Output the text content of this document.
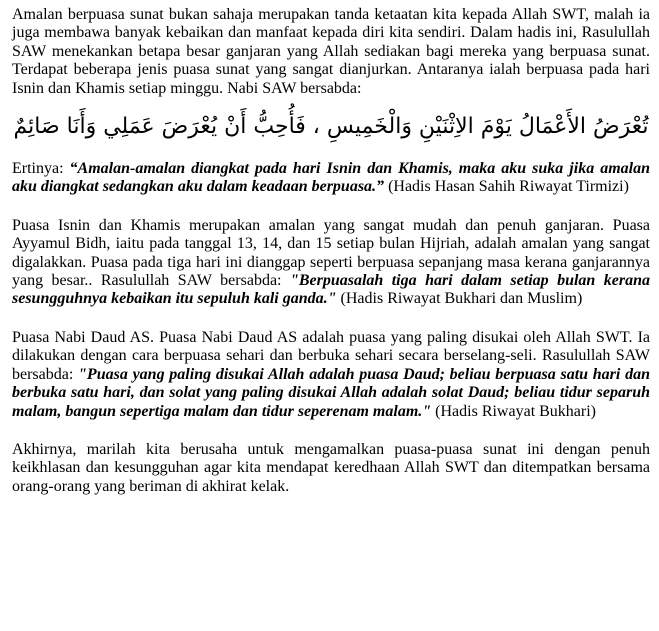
Amalan berpuasa sunat bukan sahaja merupakan tanda ketaatan kita kepada Allah SWT, malah ia juga membawa banyak kebaikan dan manfaat kepada diri kita sendiri. Dalam hadis ini, Rasulullah SAW menekankan betapa besar ganjaran yang Allah sediakan bagi mereka yang berpuasa sunat. Terdapat beberapa jenis puasa sunat yang sangat dianjurkan. Antaranya ialah berpuasa pada hari Isnin dan Khamis setiap minggu. Nabi SAW bersabda:

تُعْرَضُ الأَعْمَالُ يَوْمَ الاِثْنَيْنِ وَالْخَمِيسِ ، فَأُحِبُّ أَنْ يُعْرَضَ عَمَلِي وَأَنَا صَائِمٌ

Ertinya: “Amalan-amalan diangkat pada hari Isnin dan Khamis, maka aku suka jika amalan aku diangkat sedangkan aku dalam keadaan berpuasa.” (Hadis Hasan Sahih Riwayat Tirmizi)

Puasa Isnin dan Khamis merupakan amalan yang sangat mudah dan penuh ganjaran. Puasa Ayyamul Bidh, iaitu pada tanggal 13, 14, dan 15 setiap bulan Hijriah, adalah amalan yang sangat digalakkan. Puasa pada tiga hari ini dianggap seperti berpuasa sepanjang masa kerana ganjarannya yang besar.. Rasulullah SAW bersabda: "Berpuasalah tiga hari dalam setiap bulan kerana sesungguhnya kebaikan itu sepuluh kali ganda." (Hadis Riwayat Bukhari dan Muslim)

Puasa Nabi Daud AS. Puasa Nabi Daud AS adalah puasa yang paling disukai oleh Allah SWT. Ia dilakukan dengan cara berpuasa sehari dan berbuka sehari secara berselang-seli. Rasulullah SAW bersabda: "Puasa yang paling disukai Allah adalah puasa Daud; beliau berpuasa satu hari dan berbuka satu hari, dan solat yang paling disukai Allah adalah solat Daud; beliau tidur separuh malam, bangun sepertiga malam dan tidur seperenam malam." (Hadis Riwayat Bukhari)

Akhirnya, marilah kita berusaha untuk mengamalkan puasa-puasa sunat ini dengan penuh keikhlasan dan kesungguhan agar kita mendapat keredhaan Allah SWT dan ditempatkan bersama orang-orang yang beriman di akhirat kelak.
